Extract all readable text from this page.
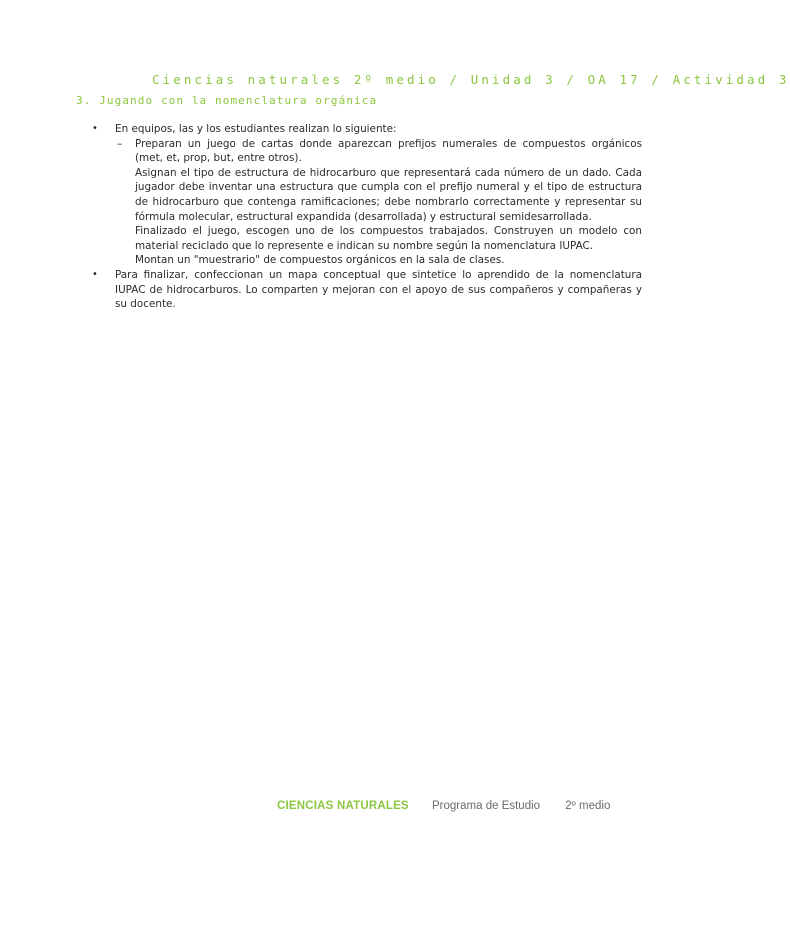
Ciencias naturales 2º medio / Unidad 3 / OA 17 / Actividad 3
3. Jugando con la nomenclatura orgánica
•	En equipos, las y los estudiantes realizan lo siguiente:
– Preparan un juego de cartas donde aparezcan prefijos numerales de compuestos orgánicos (met, et, prop, but, entre otros).
Asignan el tipo de estructura de hidrocarburo que representará cada número de un dado. Cada jugador debe inventar una estructura que cumpla con el prefijo numeral y el tipo de estructura de hidrocarburo que contenga ramificaciones; debe nombrarlo correctamente y representar su fórmula molecular, estructural expandida (desarrollada) y estructural semidesarrollada.
Finalizado el juego, escogen uno de los compuestos trabajados. Construyen un modelo con material reciclado que lo represente e indican su nombre según la nomenclatura IUPAC.
Montan un "muestrario" de compuestos orgánicos en la sala de clases.
•	Para finalizar, confeccionan un mapa conceptual que sintetice lo aprendido de la nomenclatura IUPAC de hidrocarburos. Lo comparten y mejoran con el apoyo de sus compañeros y compañeras y su docente.
CIENCIAS NATURALES Programa de Estudio 2º medio
